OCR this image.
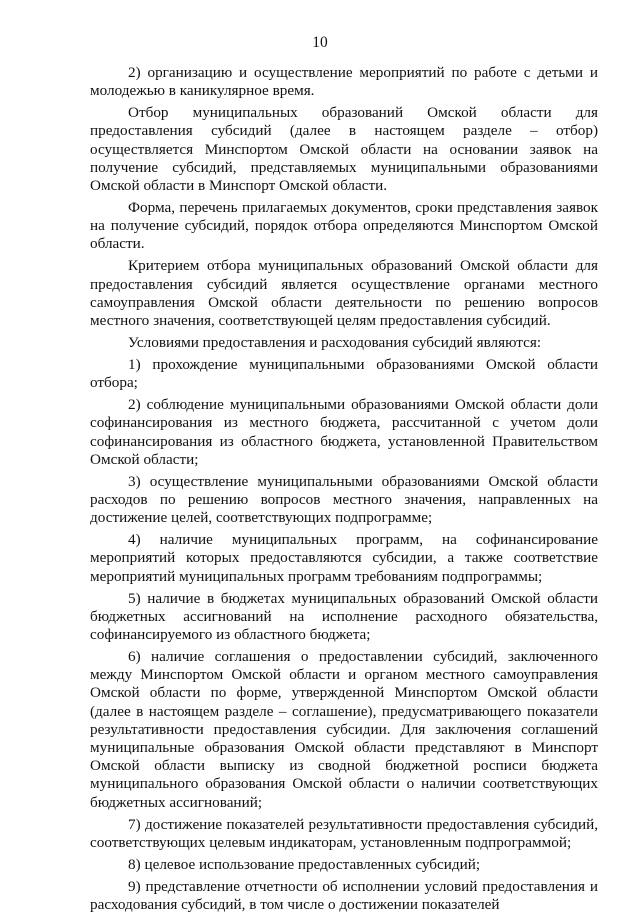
10

2) организацию и осуществление мероприятий по работе с детьми и молодежью в каникулярное время.

Отбор муниципальных образований Омской области для предоставления субсидий (далее в настоящем разделе – отбор) осуществляется Минспортом Омской области на основании заявок на получение субсидий, представляемых муниципальными образованиями Омской области в Минспорт Омской области.

Форма, перечень прилагаемых документов, сроки представления заявок на получение субсидий, порядок отбора определяются Минспортом Омской области.

Критерием отбора муниципальных образований Омской области для предоставления субсидий является осуществление органами местного самоуправления Омской области деятельности по решению вопросов местного значения, соответствующей целям предоставления субсидий.

Условиями предоставления и расходования субсидий являются:

1) прохождение муниципальными образованиями Омской области отбора;

2) соблюдение муниципальными образованиями Омской области доли софинансирования из местного бюджета, рассчитанной с учетом доли софинансирования из областного бюджета, установленной Правительством Омской области;

3) осуществление муниципальными образованиями Омской области расходов по решению вопросов местного значения, направленных на достижение целей, соответствующих подпрограмме;

4) наличие муниципальных программ, на софинансирование мероприятий которых предоставляются субсидии, а также соответствие мероприятий муниципальных программ требованиям подпрограммы;

5) наличие в бюджетах муниципальных образований Омской области бюджетных ассигнований на исполнение расходного обязательства, софинансируемого из областного бюджета;

6) наличие соглашения о предоставлении субсидий, заключенного между Минспортом Омской области и органом местного самоуправления Омской области по форме, утвержденной Минспортом Омской области (далее в настоящем разделе – соглашение), предусматривающего показатели результативности предоставления субсидии. Для заключения соглашений муниципальные образования Омской области представляют в Минспорт Омской области выписку из сводной бюджетной росписи бюджета муниципального образования Омской области о наличии соответствующих бюджетных ассигнований;

7) достижение показателей результативности предоставления субсидий, соответствующих целевым индикаторам, установленным подпрограммой;

8) целевое использование предоставленных субсидий;

9) представление отчетности об исполнении условий предоставления и расходования субсидий, в том числе о достижении показателей
